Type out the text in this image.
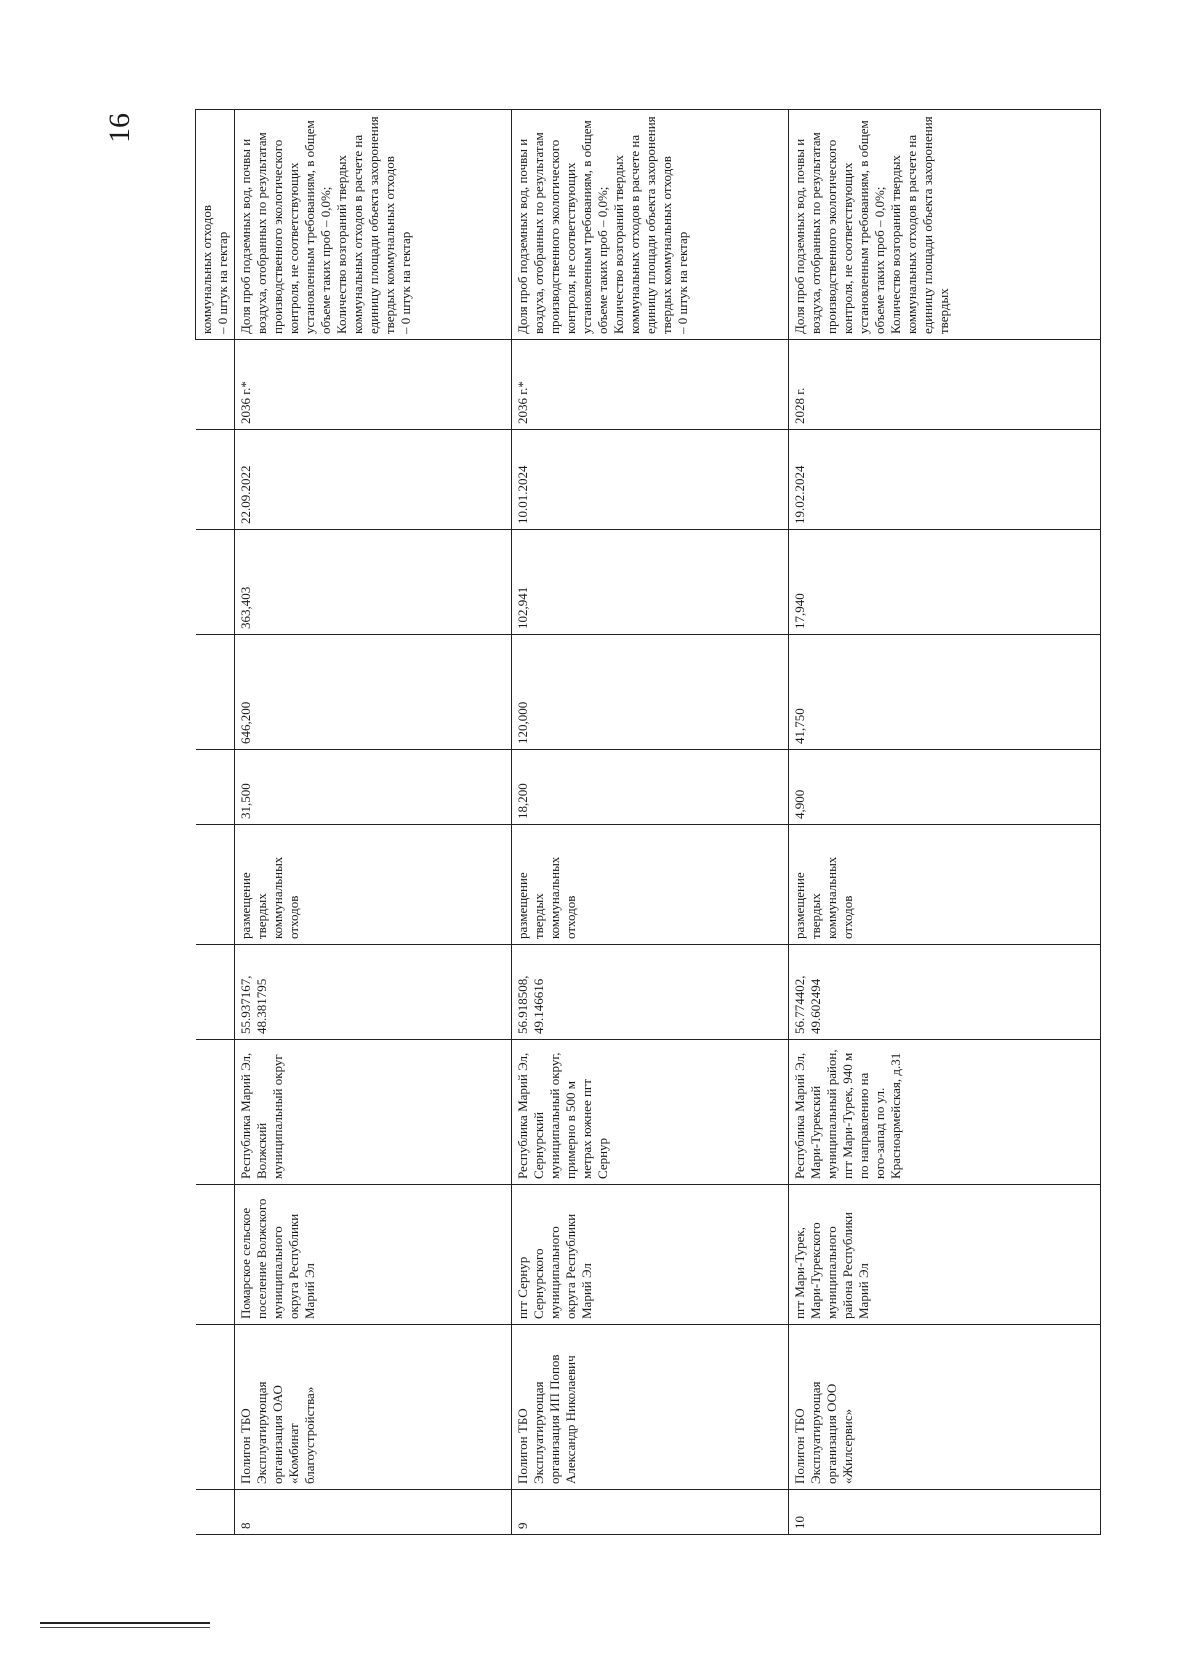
16
											коммунальных отходов
– 0 штук на гектар
8	Полигон ТБО
Эксплуатирующая организация ОАО «Комбинат благоустройства»	Помарское сельское поселение Волжского муниципального округа Республики Марий Эл	Республика Марий Эл, Волжский муниципальный округ	55.937167, 48.381795	размещение твердых коммунальных отходов	31,500	646,200	363,403	22.09.2022	2036 г.*	Доля проб подземных вод, почвы и воздуха, отобранных по результатам производственного экологического контроля, не соответствующих установленным требованиям, в общем объеме таких проб – 0,0%;
Количество возгораний твердых коммунальных отходов в расчете на единицу площади объекта захоронения твердых коммунальных отходов
– 0 штук на гектар
9	Полигон ТБО
Эксплуатирующая организация ИП Попов Александр Николаевич	пгт Сернур Сернурского муниципального округа Республики Марий Эл	Республика Марий Эл, Сернурский муниципальный округ, примерно в 500 м метрах южнее пгт Сернур	56.918508, 49.146616	размещение твердых коммунальных отходов	18,200	120,000	102,941	10.01.2024	2036 г.*	Доля проб подземных вод, почвы и воздуха, отобранных по результатам производственного экологического контроля, не соответствующих установленным требованиям, в общем объеме таких проб – 0,0%;
Количество возгораний твердых коммунальных отходов в расчете на единицу площади объекта захоронения твердых коммунальных отходов
– 0 штук на гектар
10	Полигон ТБО
Эксплуатирующая организация ООО «Жилсервис»	пгт Мари-Турек, Мари-Турекского муниципального района Республики Марий Эл	Республика Марий Эл, Мари-Турекский муниципальный район, пгт Мари-Турек, 940 м по направлению на юго-запад по ул. Красноармейская, д.31	56.774402, 49.602494	размещение твердых коммунальных отходов	4,900	41,750	17,940	19.02.2024	2028 г.	Доля проб подземных вод, почвы и воздуха, отобранных по результатам производственного экологического контроля, не соответствующих установленным требованиям, в общем объеме таких проб – 0,0%;
Количество возгораний твердых коммунальных отходов в расчете на единицу площади объекта захоронения твердых
